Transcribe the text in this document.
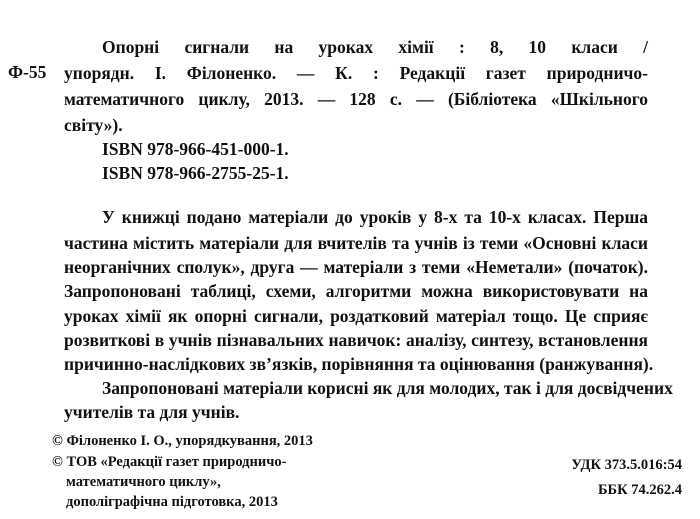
Опорні сигнали на уроках хімії : 8, 10 класи /
Ф-55 упорядн. І. Філоненко. — К. : Редакції газет природничо-
математичного циклу, 2013. — 128 с. — (Бібліотека «Шкільного
світу»).
ISBN 978-966-451-000-1.
ISBN 978-966-2755-25-1.
У книжці подано матеріали до уроків у 8-х та 10-х класах. Перша
частина містить матеріали для вчителів та учнів із теми «Основні класи
неорганічних сполук», друга — матеріали з теми «Неметали» (початок).
Запропоновані таблиці, схеми, алгоритми можна використовувати на
уроках хімії як опорні сигнали, роздатковий матеріал тощо. Це сприяє
розвиткові в учнів пізнавальних навичок: аналізу, синтезу, встановлення
причинно-наслідкових зв’язків, порівняння та оцінювання (ранжування).
Запропоновані матеріали корисні як для молодих, так і для досвідчених
учителів та для учнів.
© Філоненко І. О., упорядкування, 2013
© ТОВ «Редакції газет природничо-
математичного циклу»,
дополіграфічна підготовка, 2013
УДК 373.5.016:54
ББК 74.262.4
